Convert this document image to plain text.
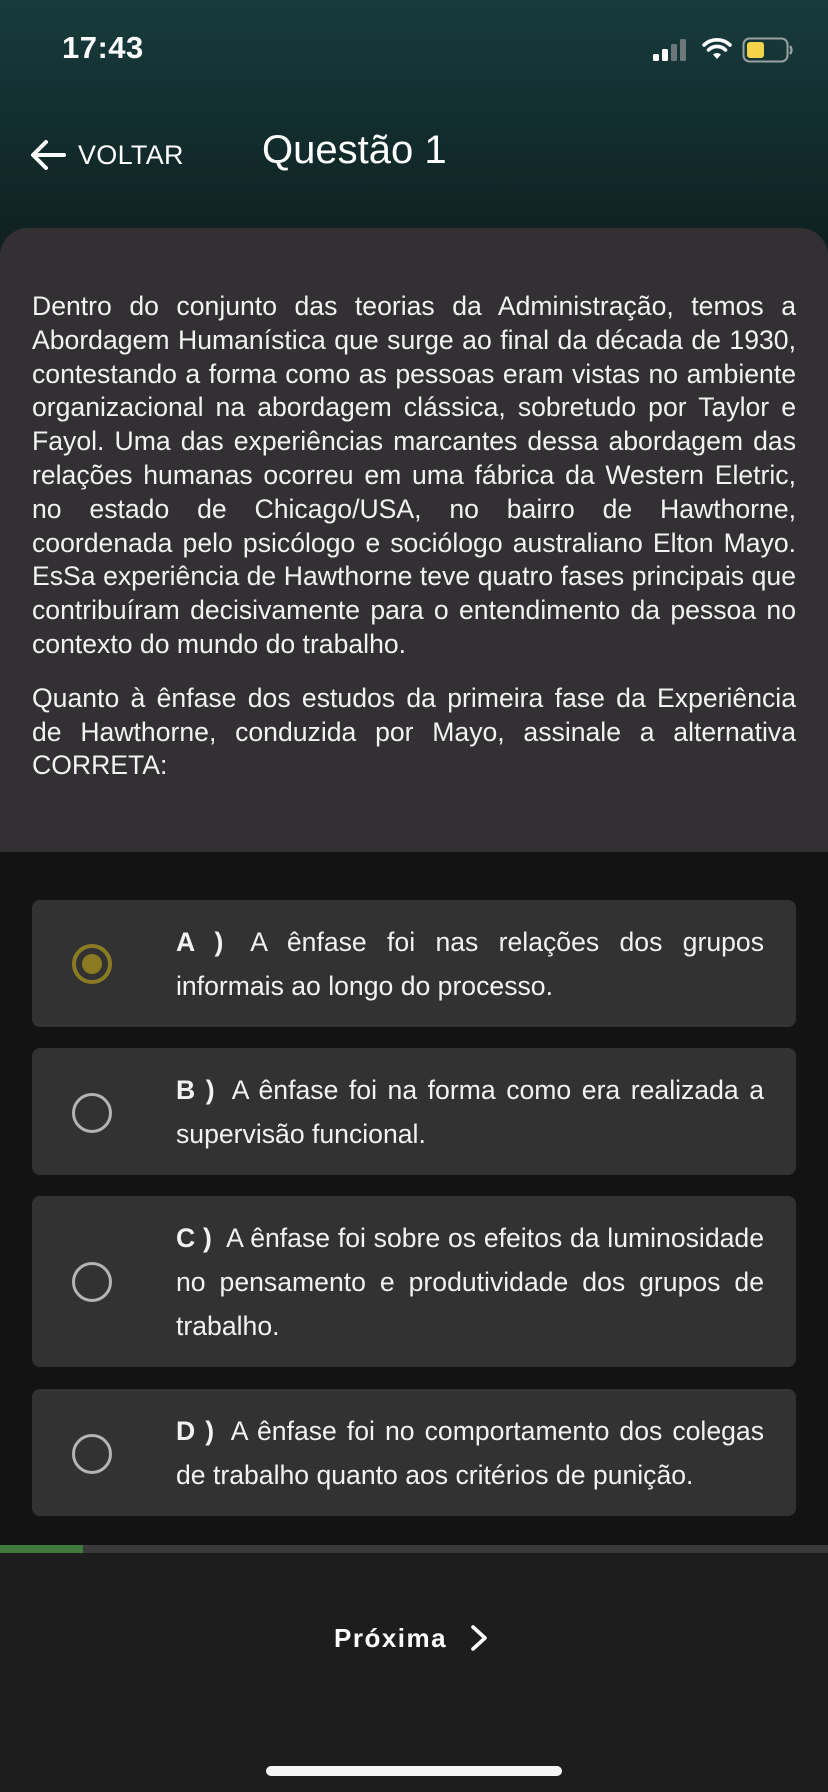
17:43
VOLTAR Questão 1

Dentro do conjunto das teorias da Administração, temos a Abordagem Humanística que surge ao final da década de 1930, contestando a forma como as pessoas eram vistas no ambiente organizacional na abordagem clássica, sobretudo por Taylor e Fayol. Uma das experiências marcantes dessa abordagem das relações humanas ocorreu em uma fábrica da Western Eletric, no estado de Chicago/USA, no bairro de Hawthorne, coordenada pelo psicólogo e sociólogo australiano Elton Mayo. EsSa experiência de Hawthorne teve quatro fases principais que contribuíram decisivamente para o entendimento da pessoa no contexto do mundo do trabalho.

Quanto à ênfase dos estudos da primeira fase da Experiência de Hawthorne, conduzida por Mayo, assinale a alternativa CORRETA:

A ) A ênfase foi nas relações dos grupos informais ao longo do processo.
B ) A ênfase foi na forma como era realizada a supervisão funcional.
C ) A ênfase foi sobre os efeitos da luminosidade no pensamento e produtividade dos grupos de trabalho.
D ) A ênfase foi no comportamento dos colegas de trabalho quanto aos critérios de punição.
Próxima
